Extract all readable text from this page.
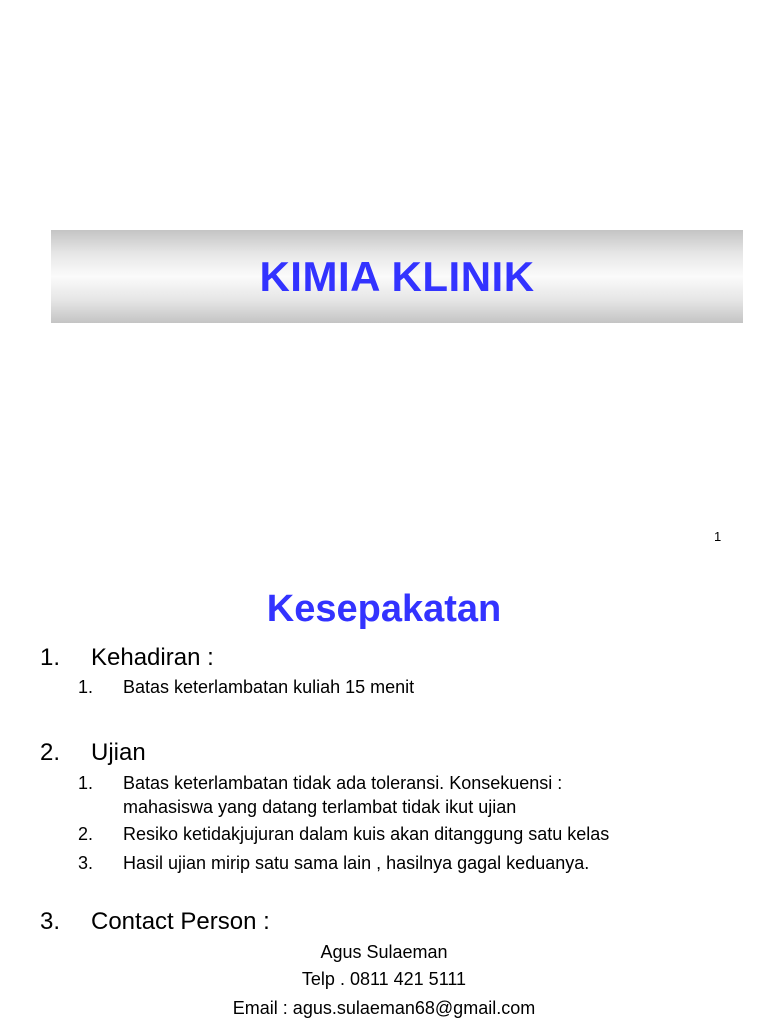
KIMIA KLINIK
1
Kesepakatan
1. Kehadiran :
1. Batas keterlambatan kuliah 15 menit
2. Ujian
1. Batas keterlambatan tidak ada toleransi. Konsekuensi :
mahasiswa yang datang terlambat tidak ikut ujian
2. Resiko ketidakjujuran dalam kuis akan ditanggung satu kelas
3. Hasil ujian mirip satu sama lain , hasilnya gagal keduanya.
3. Contact Person :
Agus Sulaeman
Telp . 0811 421 5111
Email : agus.sulaeman68@gmail.com
